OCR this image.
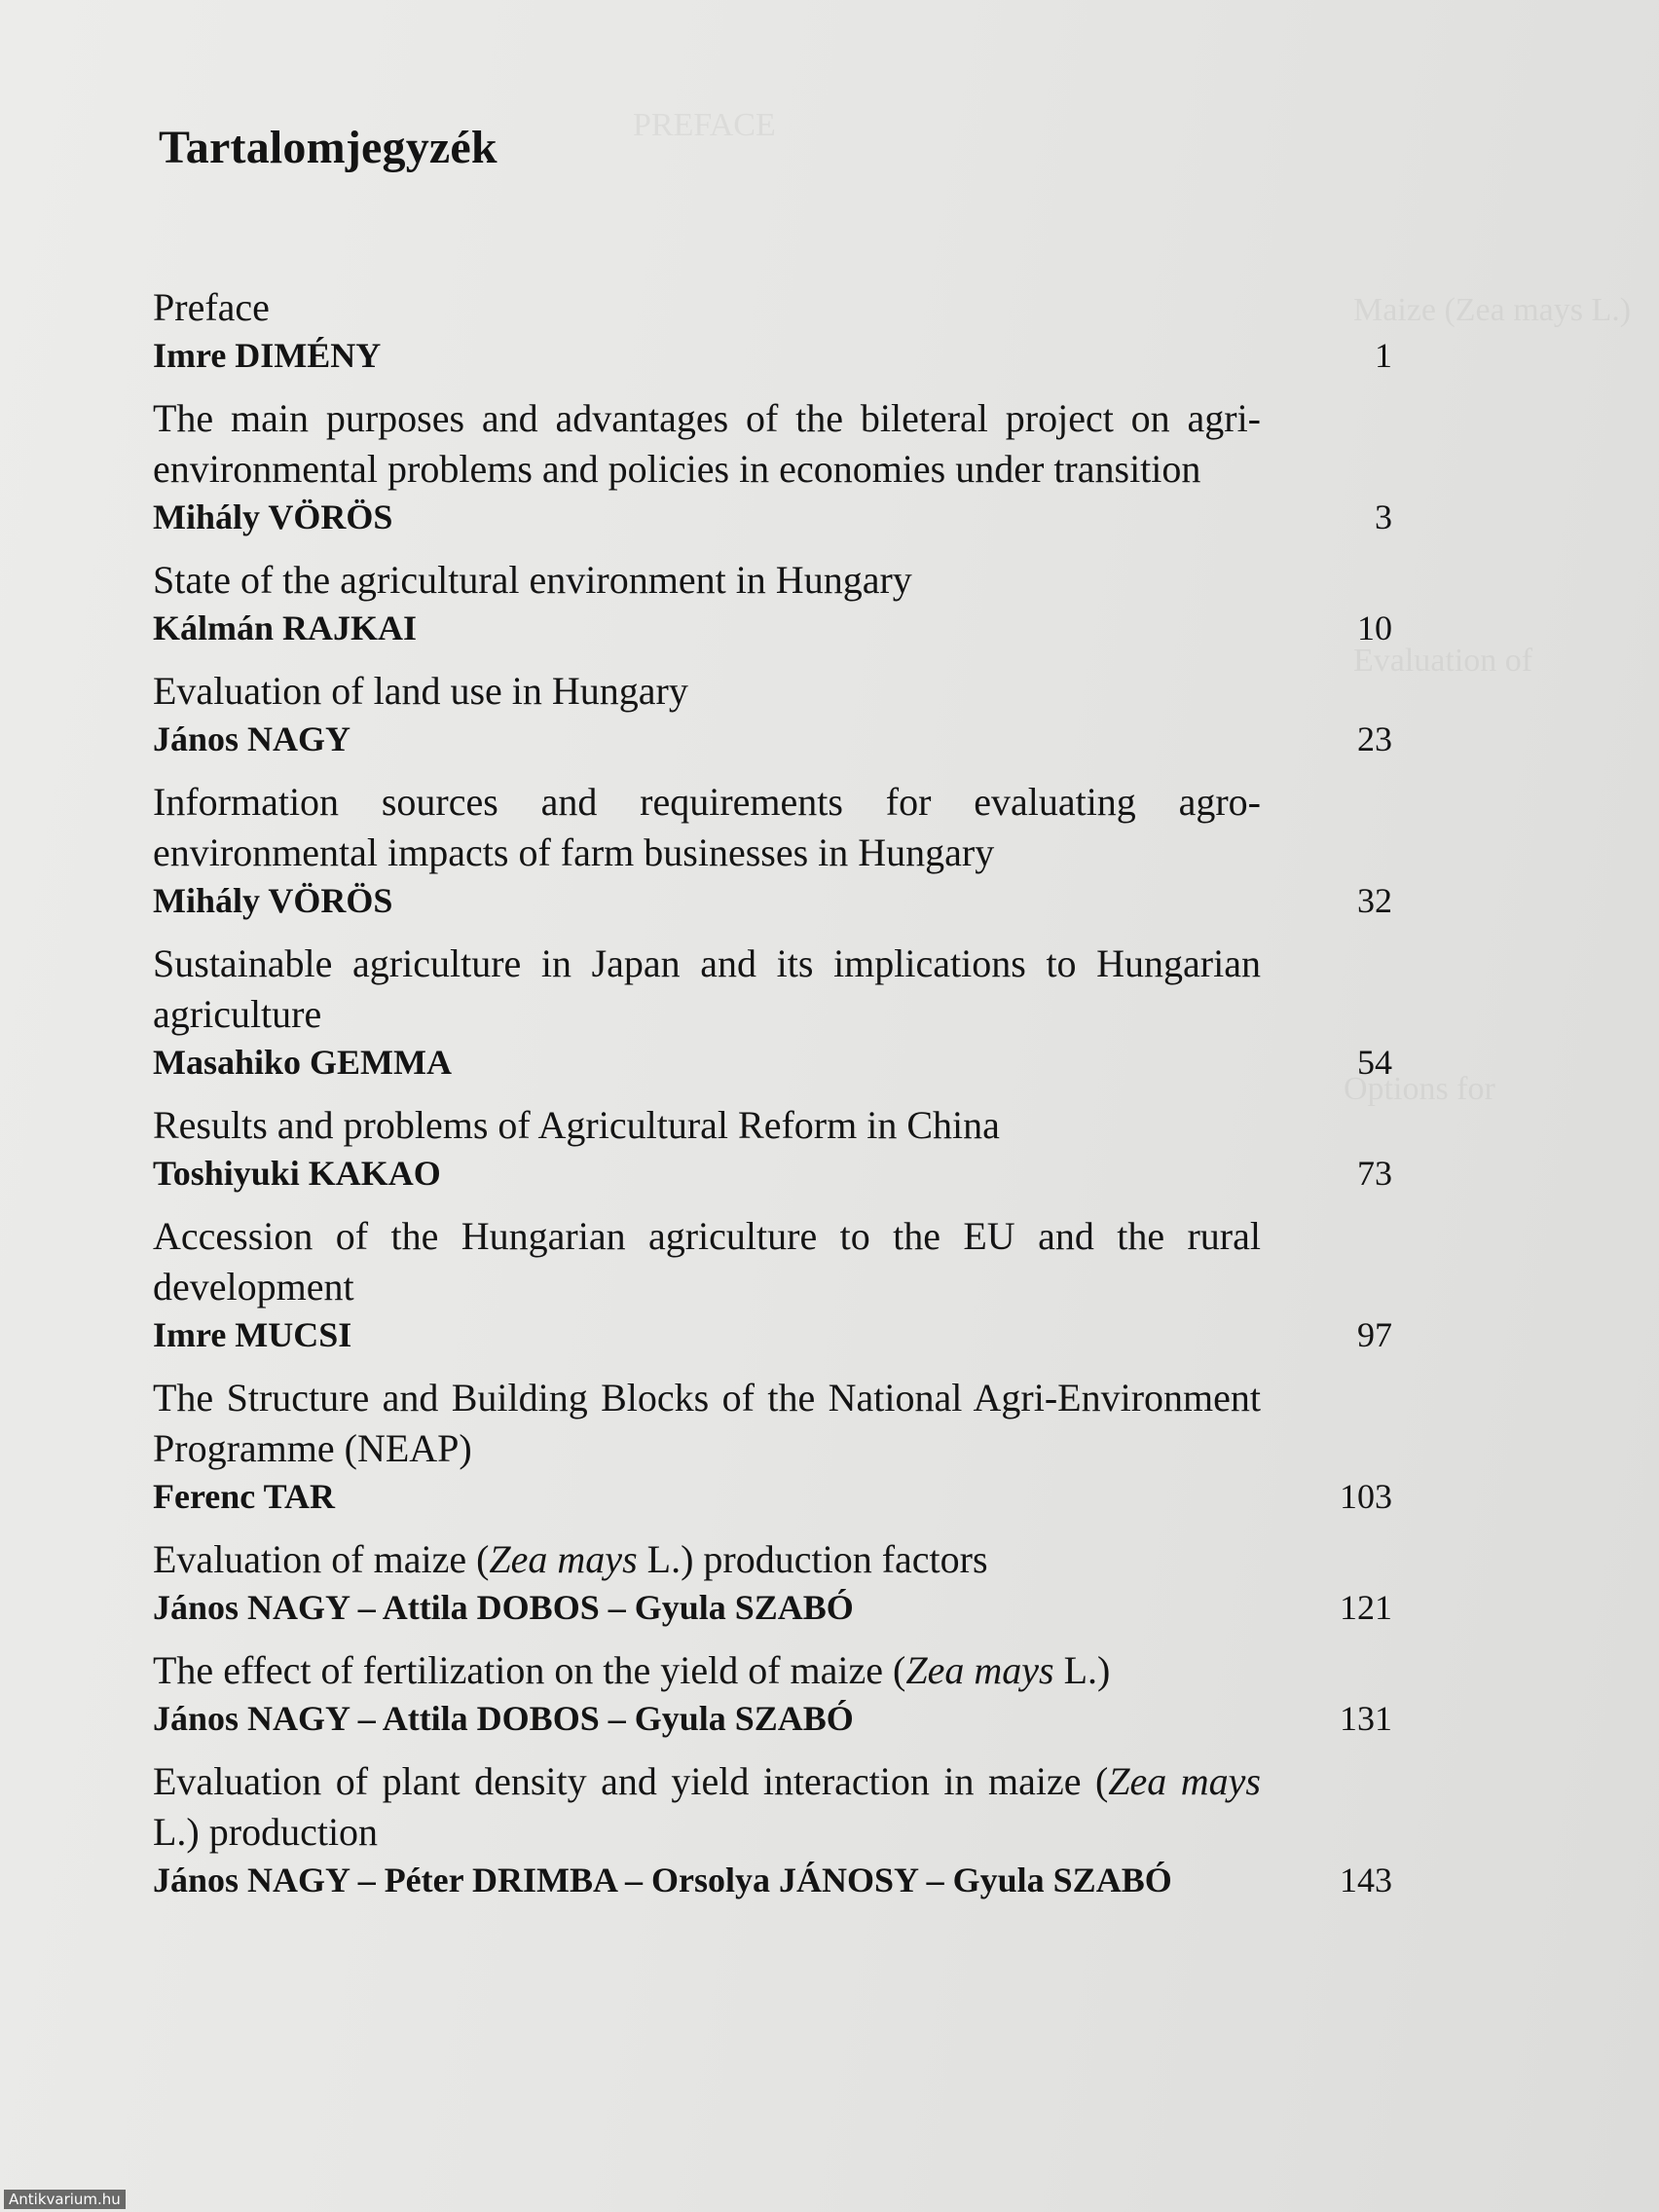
PREFACE
Maize (Zea mays L.)
Evaluation of
Options for
Tartalomjegyzék
Preface
Imre DIMÉNY	1
The main purposes and advantages of the bileteral project on agri-environmental problems and policies in economies under transition
Mihály VÖRÖS	3
State of the agricultural environment in Hungary
Kálmán RAJKAI	10
Evaluation of land use in Hungary
János NAGY	23
Information sources and requirements for evaluating agro-environmental impacts of farm businesses in Hungary
Mihály VÖRÖS	32
Sustainable agriculture in Japan and its implications to Hungarian agriculture
Masahiko GEMMA	54
Results and problems of Agricultural Reform in China
Toshiyuki KAKAO	73
Accession of the Hungarian agriculture to the EU and the rural development
Imre MUCSI	97
The Structure and Building Blocks of the National Agri-Environment Programme (NEAP)
Ferenc TAR	103
Evaluation of maize (Zea mays L.) production factors
János NAGY – Attila DOBOS – Gyula SZABÓ	121
The effect of fertilization on the yield of maize (Zea mays L.)
János NAGY – Attila DOBOS – Gyula SZABÓ	131
Evaluation of plant density and yield interaction in maize (Zea mays L.) production
János NAGY – Péter DRIMBA – Orsolya JÁNOSY – Gyula SZABÓ	143
Antikvarium.hu
